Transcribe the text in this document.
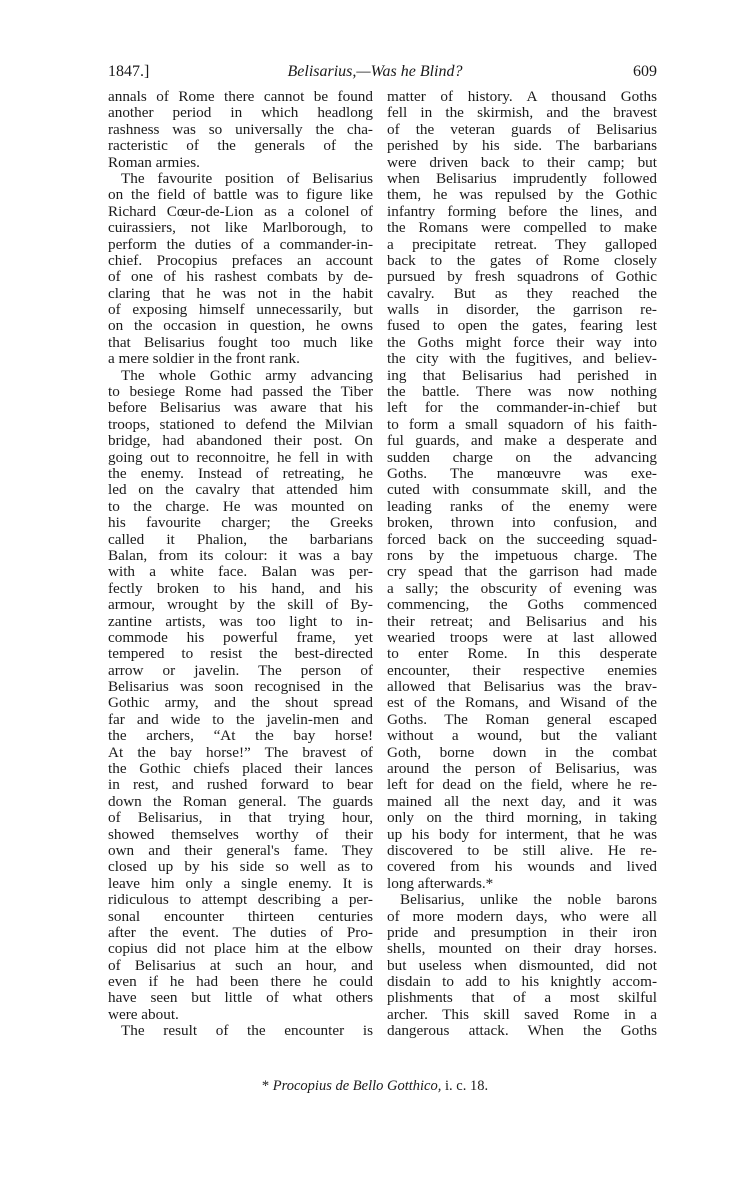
1847.]	Belisarius,—Was he Blind?	609
annals of Rome there cannot be found
another period in which headlong
rashness was so universally the cha-
racteristic of the generals of the
Roman armies.
The favourite position of Belisarius
on the field of battle was to figure like
Richard Cœur-de-Lion as a colonel of
cuirassiers, not like Marlborough, to
perform the duties of a commander-in-
chief. Procopius prefaces an account
of one of his rashest combats by de-
claring that he was not in the habit
of exposing himself unnecessarily, but
on the occasion in question, he owns
that Belisarius fought too much like
a mere soldier in the front rank.
The whole Gothic army advancing
to besiege Rome had passed the Tiber
before Belisarius was aware that his
troops, stationed to defend the Milvian
bridge, had abandoned their post. On
going out to reconnoitre, he fell in with
the enemy. Instead of retreating, he
led on the cavalry that attended him
to the charge. He was mounted on
his favourite charger; the Greeks
called it Phalion, the barbarians
Balan, from its colour: it was a bay
with a white face. Balan was per-
fectly broken to his hand, and his
armour, wrought by the skill of By-
zantine artists, was too light to in-
commode his powerful frame, yet
tempered to resist the best-directed
arrow or javelin. The person of
Belisarius was soon recognised in the
Gothic army, and the shout spread
far and wide to the javelin-men and
the archers, “At the bay horse!
At the bay horse!” The bravest of
the Gothic chiefs placed their lances
in rest, and rushed forward to bear
down the Roman general. The guards
of Belisarius, in that trying hour,
showed themselves worthy of their
own and their general's fame. They
closed up by his side so well as to
leave him only a single enemy. It is
ridiculous to attempt describing a per-
sonal encounter thirteen centuries
after the event. The duties of Pro-
copius did not place him at the elbow
of Belisarius at such an hour, and
even if he had been there he could
have seen but little of what others
were about.
The result of the encounter is
matter of history. A thousand Goths
fell in the skirmish, and the bravest
of the veteran guards of Belisarius
perished by his side. The barbarians
were driven back to their camp; but
when Belisarius imprudently followed
them, he was repulsed by the Gothic
infantry forming before the lines, and
the Romans were compelled to make
a precipitate retreat. They galloped
back to the gates of Rome closely
pursued by fresh squadrons of Gothic
cavalry. But as they reached the
walls in disorder, the garrison re-
fused to open the gates, fearing lest
the Goths might force their way into
the city with the fugitives, and believ-
ing that Belisarius had perished in
the battle. There was now nothing
left for the commander-in-chief but
to form a small squadorn of his faith-
ful guards, and make a desperate and
sudden charge on the advancing
Goths. The manœuvre was exe-
cuted with consummate skill, and the
leading ranks of the enemy were
broken, thrown into confusion, and
forced back on the succeeding squad-
rons by the impetuous charge. The
cry spead that the garrison had made
a sally; the obscurity of evening was
commencing, the Goths commenced
their retreat; and Belisarius and his
wearied troops were at last allowed
to enter Rome. In this desperate
encounter, their respective enemies
allowed that Belisarius was the brav-
est of the Romans, and Wisand of the
Goths. The Roman general escaped
without a wound, but the valiant
Goth, borne down in the combat
around the person of Belisarius, was
left for dead on the field, where he re-
mained all the next day, and it was
only on the third morning, in taking
up his body for interment, that he was
discovered to be still alive. He re-
covered from his wounds and lived
long afterwards.*
Belisarius, unlike the noble barons
of more modern days, who were all
pride and presumption in their iron
shells, mounted on their dray horses.
but useless when dismounted, did not
disdain to add to his knightly accom-
plishments that of a most skilful
archer. This skill saved Rome in a
dangerous attack. When the Goths
* Procopius de Bello Gotthico, i. c. 18.
